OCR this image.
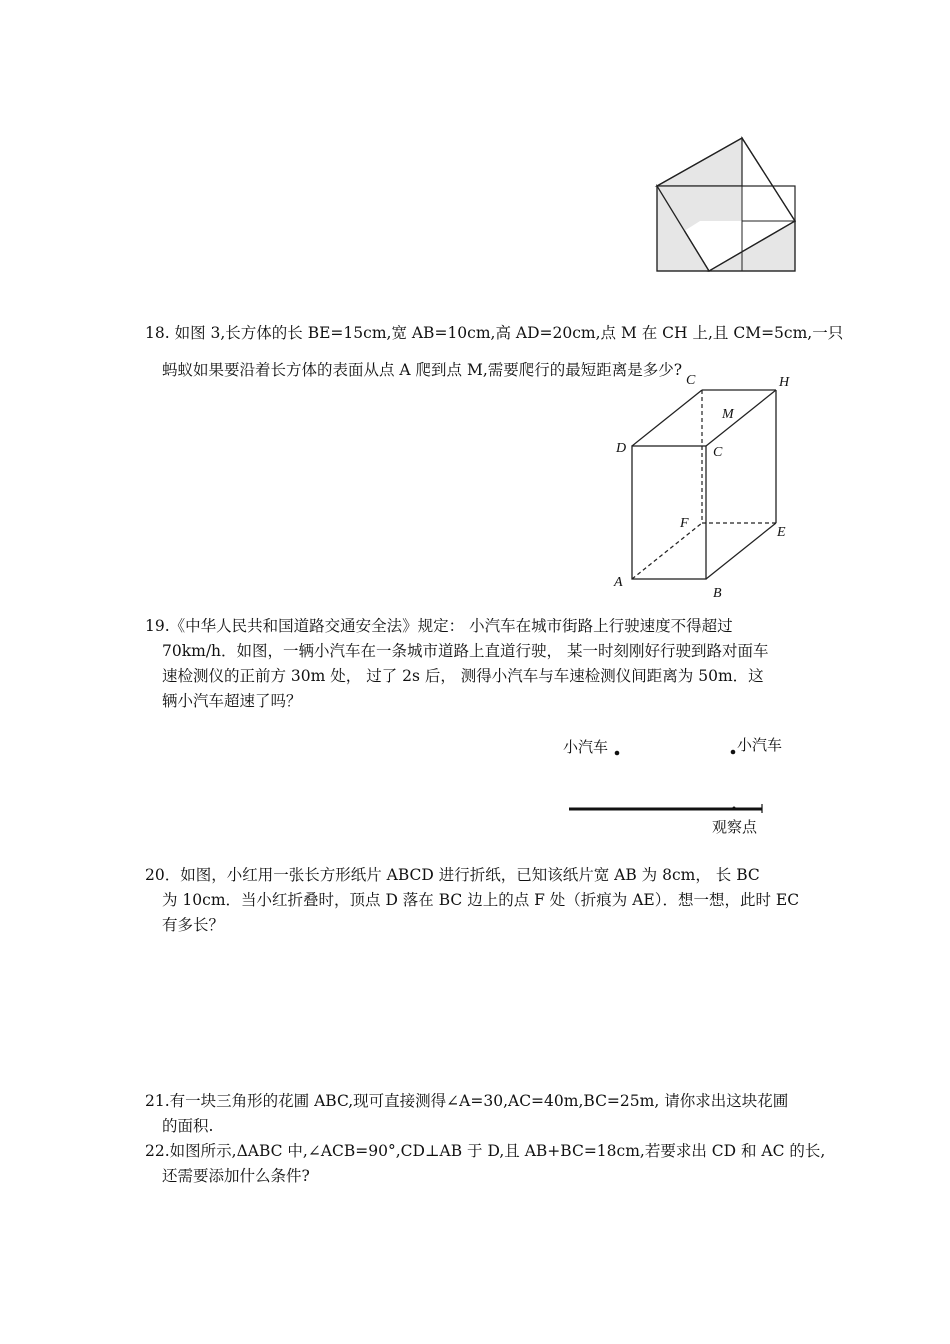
18. 如图 3,长方体的长 BE=15cm,宽 AB=10cm,高 AD=20cm,点 M 在 CH 上,且 CM=5cm,一只
蚂蚁如果要沿着长方体的表面从点 A 爬到点 M,需要爬行的最短距离是多少?
C	H
M
D	C
F
E
A
B
19.《中华人民共和国道路交通安全法》规定： 小汽车在城市街路上行驶速度不得超过
70km/h．如图，一辆小汽车在一条城市道路上直道行驶， 某一时刻刚好行驶到路对面车
速检测仪的正前方 30m 处， 过了 2s 后， 测得小汽车与车速检测仪间距离为 50m．这
辆小汽车超速了吗？
小汽车	小汽车
观察点
20．如图，小红用一张长方形纸片 ABCD 进行折纸，已知该纸片宽 AB 为 8cm， 长 BC
为 10cm．当小红折叠时，顶点 D 落在 BC 边上的点 F 处（折痕为 AE）．想一想，此时 EC
有多长？
21.有一块三角形的花圃 ABC,现可直接测得∠A=30,AC=40m,BC=25m, 请你求出这块花圃
的面积.
22.如图所示,ΔABC 中,∠ACB=90°,CD⊥AB 于 D,且 AB+BC=18cm,若要求出 CD 和 AC 的长,
还需要添加什么条件?
